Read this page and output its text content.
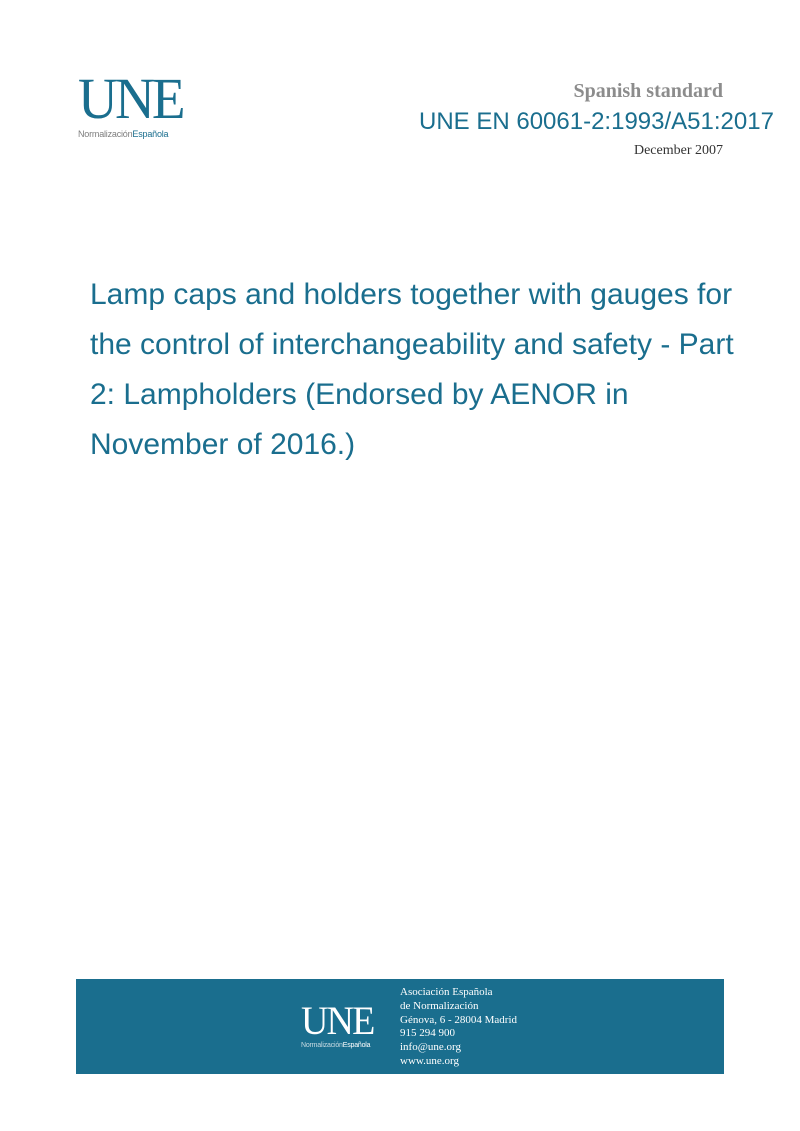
UNE
NormalizaciónEspañola
Spanish standard
UNE EN 60061-2:1993/A51:2017
December 2007
Lamp caps and holders together with gauges for the control of interchangeability and safety - Part 2: Lampholders (Endorsed by AENOR in November of 2016.)
UNE
NormalizaciónEspañola
Asociación Española
de Normalización
Génova, 6 - 28004 Madrid
915 294 900
info@une.org
www.une.org
